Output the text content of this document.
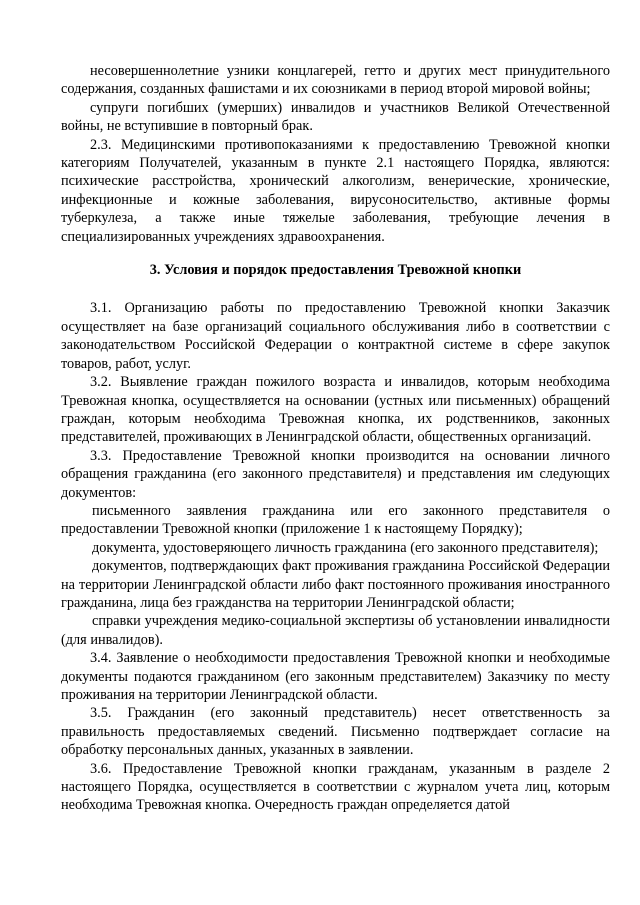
несовершеннолетние узники концлагерей, гетто и других мест принудительного содержания, созданных фашистами и их союзниками в период второй мировой войны;

супруги погибших (умерших) инвалидов и участников Великой Отечественной войны, не вступившие в повторный брак.

2.3. Медицинскими противопоказаниями к предоставлению Тревожной кнопки категориям Получателей, указанным в пункте 2.1 настоящего Порядка, являются: психические расстройства, хронический алкоголизм, венерические, хронические, инфекционные и кожные заболевания, вирусоносительство, активные формы туберкулеза, а также иные тяжелые заболевания, требующие лечения в специализированных учреждениях здравоохранения.

3. Условия и порядок предоставления Тревожной кнопки

3.1. Организацию работы по предоставлению Тревожной кнопки Заказчик осуществляет на базе организаций социального обслуживания либо в соответствии с законодательством Российской Федерации о контрактной системе в сфере закупок товаров, работ, услуг.

3.2. Выявление граждан пожилого возраста и инвалидов, которым необходима Тревожная кнопка, осуществляется на основании (устных или письменных) обращений граждан, которым необходима Тревожная кнопка, их родственников, законных представителей, проживающих в Ленинградской области, общественных организаций.

3.3. Предоставление Тревожной кнопки производится на основании личного обращения гражданина (его законного представителя) и представления им следующих документов:

письменного заявления гражданина или его законного представителя о предоставлении Тревожной кнопки (приложение 1 к настоящему Порядку);

документа, удостоверяющего личность гражданина (его законного представителя);

документов, подтверждающих факт проживания гражданина Российской Федерации на территории Ленинградской области либо факт постоянного проживания иностранного гражданина, лица без гражданства на территории Ленинградской области;

справки учреждения медико-социальной экспертизы об установлении инвалидности (для инвалидов).

3.4. Заявление о необходимости предоставления Тревожной кнопки и необходимые документы подаются гражданином (его законным представителем) Заказчику по месту проживания на территории Ленинградской области.

3.5. Гражданин (его законный представитель) несет ответственность за правильность предоставляемых сведений. Письменно подтверждает согласие на обработку персональных данных, указанных в заявлении.

3.6. Предоставление Тревожной кнопки гражданам, указанным в разделе 2 настоящего Порядка, осуществляется в соответствии с журналом учета лиц, которым необходима Тревожная кнопка. Очередность граждан определяется датой
